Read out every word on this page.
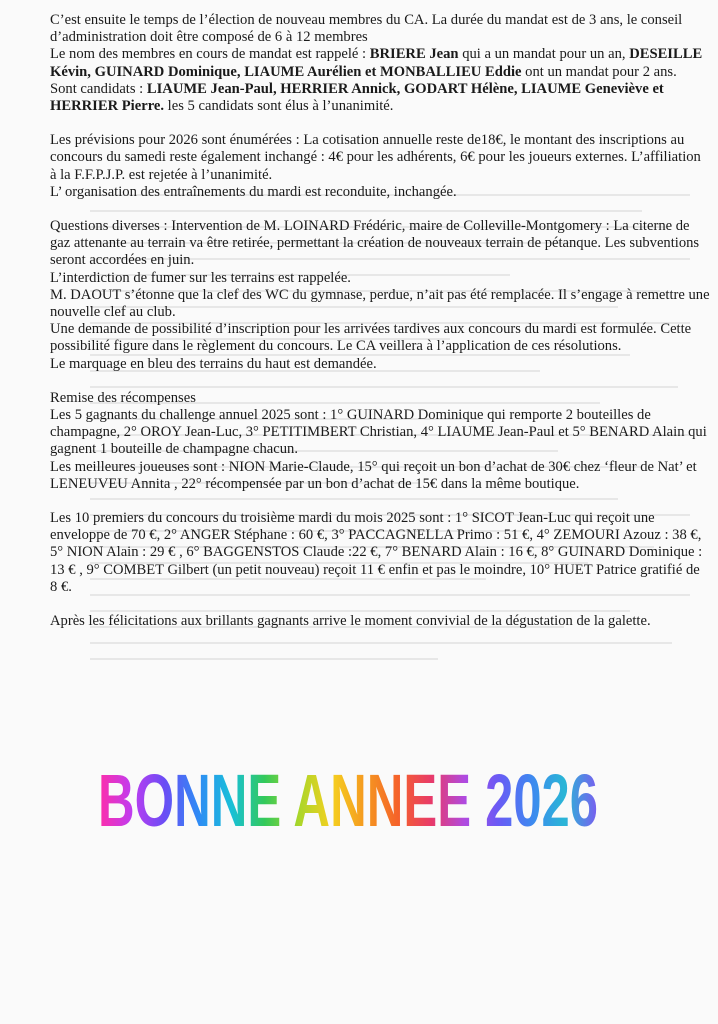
C’est ensuite le temps de l’élection de nouveau membres du CA. La durée du mandat est de 3 ans, le conseil d’administration doit être composé de 6 à 12 membres

Le nom des membres en cours de mandat est rappelé : BRIERE Jean qui a un mandat pour un an, DESEILLE Kévin, GUINARD Dominique, LIAUME Aurélien et MONBALLIEU Eddie ont un mandat pour 2 ans.

Sont candidats : LIAUME Jean-Paul, HERRIER Annick, GODART Hélène, LIAUME Geneviève et HERRIER Pierre. les 5 candidats sont élus à l’unanimité.

Les prévisions pour 2026 sont énumérées : La cotisation annuelle reste de18€, le montant des inscriptions au concours du samedi reste également inchangé : 4€ pour les adhérents, 6€ pour les joueurs externes. L’affiliation à la F.F.P.J.P. est rejetée à l’unanimité.

L’ organisation des entraînements du mardi est reconduite, inchangée.

Questions diverses : Intervention de M. LOINARD Frédéric, maire de Colleville-Montgomery : La citerne de gaz attenante au terrain va être retirée, permettant la création de nouveaux terrain de pétanque. Les subventions seront accordées en juin.

L’interdiction de fumer sur les terrains est rappelée.

M. DAOUT s’étonne que la clef des WC du gymnase, perdue, n’ait pas été remplacée. Il s’engage à remettre une nouvelle clef au club.

Une demande de possibilité d’inscription pour les arrivées tardives aux concours du mardi est formulée. Cette possibilité figure dans le règlement du concours. Le CA veillera à l’application de ces résolutions.

Le marquage en bleu des terrains du haut est demandée.

Remise des récompenses

Les 5 gagnants du challenge annuel 2025 sont : 1° GUINARD Dominique qui remporte 2 bouteilles de champagne, 2° OROY Jean-Luc, 3° PETITIMBERT Christian, 4° LIAUME Jean-Paul et 5° BENARD Alain qui gagnent 1 bouteille de champagne chacun.

Les meilleures joueuses sont : NION Marie-Claude, 15° qui reçoit un bon d’achat de 30€ chez ‘fleur de Nat’ et LENEUVEU Annita , 22° récompensée par un bon d’achat de 15€ dans la même boutique.

Les 10 premiers du concours du troisième mardi du mois 2025 sont : 1° SICOT Jean-Luc qui reçoit une enveloppe de 70 €, 2° ANGER Stéphane : 60 €, 3° PACCAGNELLA Primo : 51 €, 4° ZEMOURI Azouz : 38 €, 5° NION Alain : 29 € , 6° BAGGENSTOS Claude :22 €, 7° BENARD Alain : 16 €, 8° GUINARD Dominique : 13 € , 9° COMBET Gilbert (un petit nouveau) reçoit 11 € enfin et pas le moindre, 10° HUET Patrice gratifié de 8 €.

Après les félicitations aux brillants gagnants arrive le moment convivial de la dégustation de la galette.

BONNE ANNEE 2026
